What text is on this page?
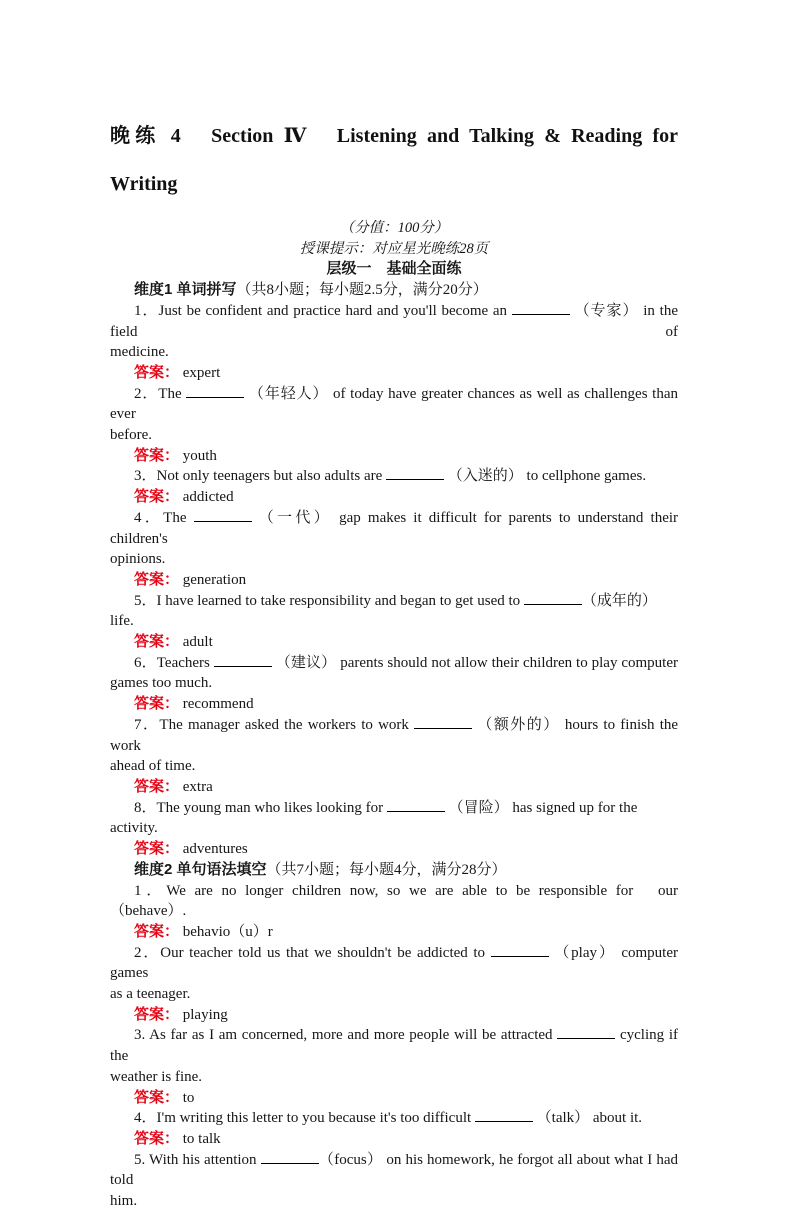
晚练 4　Section Ⅳ　Listening and Talking & Reading for
Writing

（分值：100分）

授课提示：对应星光晚练28页

层级一　基础全面练

维度1 单词拼写（共8小题；每小题2.5分，满分20分）

1．Just be confident and practice hard and you'll become an	（专家） in the field of

medicine.

答案： expert

2．The	（年轻人） of today have greater chances as well as challenges than ever

before.

答案： youth

3．Not only teenagers but also adults are	（入迷的） to cellphone games.

答案： addicted

4．The	（一代） gap makes it difficult for parents to understand their children's

opinions.

答案： generation

5．I have learned to take responsibility and began to get used to	（成年的） life.

答案： adult

6．Teachers	（建议） parents should not allow their children to play computer

games too much.

答案： recommend

7．The manager asked the workers to work	（额外的） hours to finish the work

ahead of time.

答案： extra

8．The young man who likes looking for	（冒险） has signed up for the activity.

答案： adventures

维度2 单句语法填空（共7小题；每小题4分，满分28分）

1．We are no longer children now, so we are able to be responsible for　our

（behave）.

答案： behavio（u）r

2．Our teacher told us that we shouldn't be addicted to	（play） computer games

as a teenager.

答案： playing

3. As far as I am concerned, more and more people will be attracted	cycling if the

weather is fine.

答案： to

4．I'm writing this letter to you because it's too difficult	（talk） about it.

答案： to talk

5. With his attention	（focus） on his homework, he forgot all about what I had told

him.
